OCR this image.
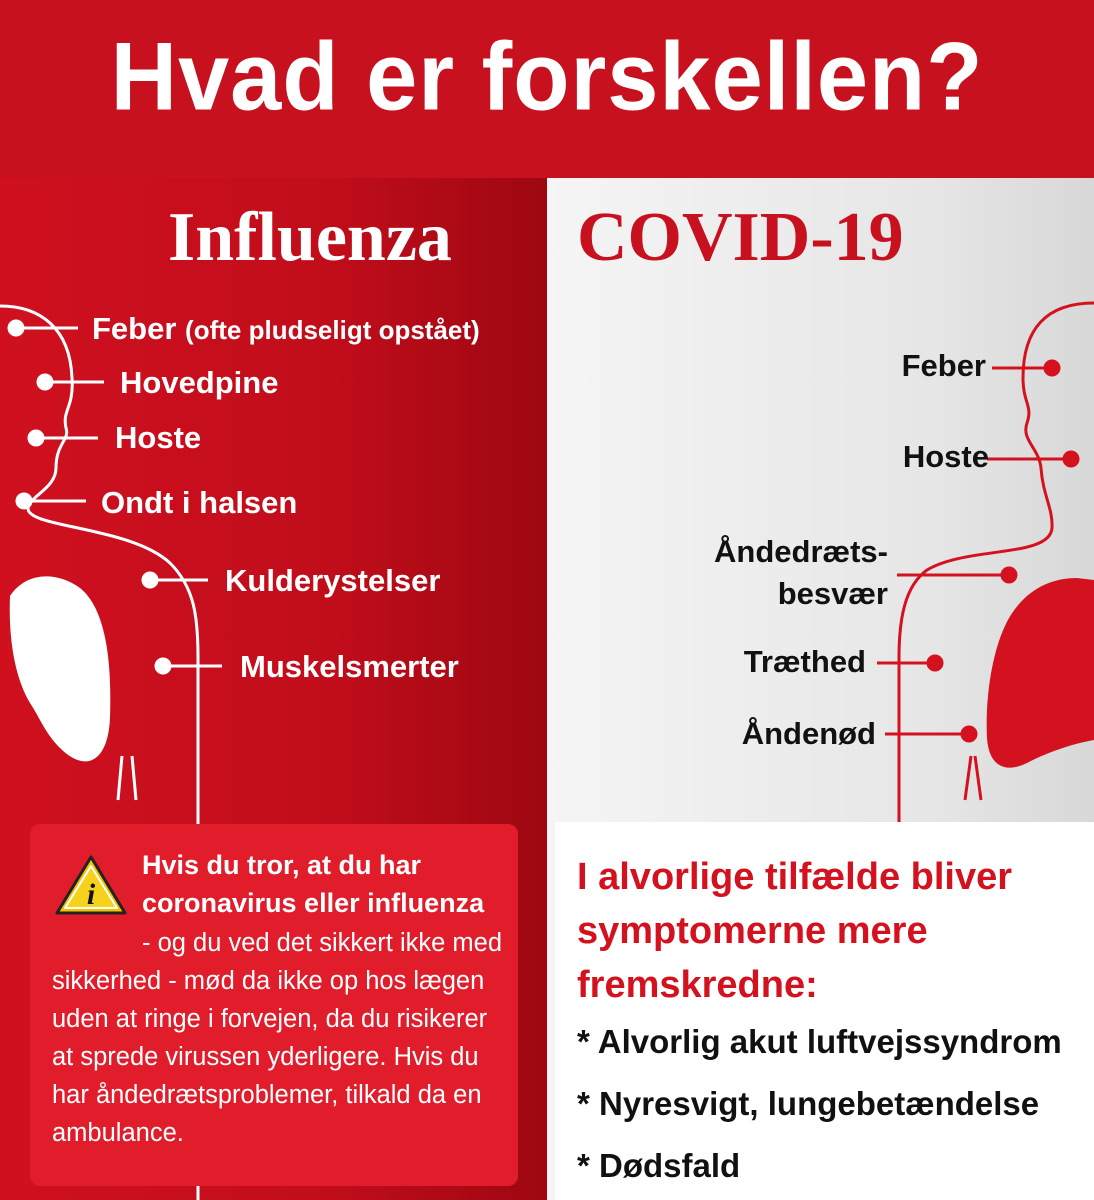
Hvad er forskellen?
Influenza
Feber (ofte pludseligt opstået)
Hovedpine
Hoste
Ondt i halsen
Kulderystelser
Muskelsmerter
i
Hvis du tror, at du har coronavirus eller influenza
- og du ved det sikkert ikke med sikkerhed - mød da ikke op hos lægen uden at ringe i forvejen, da du risikerer at sprede virussen yderligere. Hvis du har åndedrætsproblemer, tilkald da en ambulance.
COVID-19
Feber
Hoste
Åndedræts-
besvær
Træthed
Åndenød
I alvorlige tilfælde bliver symptomerne mere fremskredne:
* Alvorlig akut luftvejssyndrom
* Nyresvigt, lungebetændelse
* Dødsfald
